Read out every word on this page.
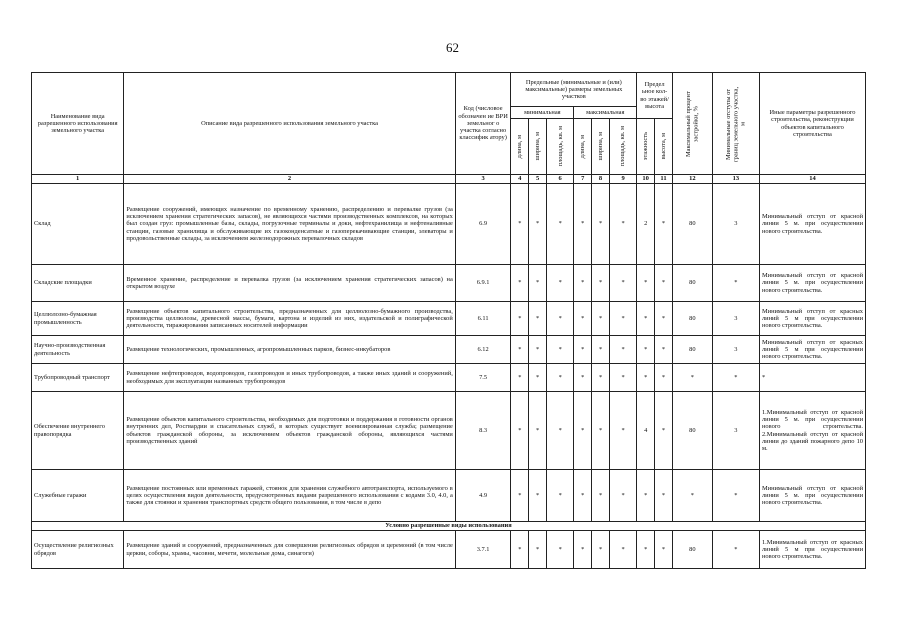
62
Наименование вида разрешенного использования земельного участка	Описание вида разрешенного использования земельного участка	Код (числовое обозначен ие ВРИ земельног о участка согласно классифик атору)	Предельные (минимальные и (или) максимальные) размеры земельных участков						Предел ьное кол-во этажей/ высота		Максимальный процент застройки, %	Минимальные отступы от границ земельного участка, м	Иные параметры разрешенного строительства, реконструкции объектов капитального строительства
			минимальная			максимальная							

			длина, м	ширина, м	площадь, кв. м	длина, м	ширина, м	площадь, кв. м	этажность	высота, м			

1	2	3	4	5	6	7	8	9	10	11	12	13	14
Склад	Размещение сооружений, имеющих назначение по временному хранению, распределению и перевалке грузов (за исключением хранения стратегических запасов), не являющихся частями производственных комплексов, на которых был создан груз: промышленные базы, склады, погрузочные терминалы и доки, нефтехранилища и нефтеналивные станции, газовые хранилища и обслуживающие их газоконденсатные и газоперекачивающие станции, элеваторы и продовольственные склады, за исключением железнодорожных перевалочных складов	6.9	*	*	*	*	*	*	2	*	80	3	Минимальный отступ от красной линии 5 м. при осуществлении нового строительства.
Складские площадки	Временное хранение, распределение и перевалка грузов (за исключением хранения стратегических запасов) на открытом воздухе	6.9.1	*	*	*	*	*	*	*	*	80	*	Минимальный отступ от красной линии 5 м. при осуществлении нового строительства.
Целлюлозно-бумажная промышленность	Размещение объектов капитального строительства, предназначенных для целлюлозно-бумажного производства, производства целлюлозы, древесной массы, бумаги, картона и изделий из них, издательской и полиграфической деятельности, тиражирования записанных носителей информации	6.11	*	*	*	*	*	*	*	*	80	3	Минимальный отступ от красных линий 5 м при осуществлении нового строительства.
Научно-производственная деятельность	Размещение технологических, промышленных, агропромышленных парков, бизнес-инкубаторов	6.12	*	*	*	*	*	*	*	*	80	3	Минимальный отступ от красных линий 5 м при осуществлении нового строительства.
Трубопроводный транспорт	Размещение нефтепроводов, водопроводов, газопроводов и иных трубопроводов, а также иных зданий и сооружений, необходимых для эксплуатации названных трубопроводов	7.5	*	*	*	*	*	*	*	*	*	*	*
Обеспечение внутреннего правопорядка	Размещение объектов капитального строительства, необходимых для подготовки и поддержания в готовности органов внутренних дел, Росгвардии и спасательных служб, в которых существует военизированная служба; размещение объектов гражданской обороны, за исключением объектов гражданской обороны, являющихся частями производственных зданий	8.3	*	*	*	*	*	*	4	*	80	3	1.Минимальный отступ от красной линии 5 м. при осуществлении нового строительства. 2.Минимальный отступ от красной линии до зданий пожарного депо 10 м.
Служебные гаражи	Размещение постоянных или временных гаражей, стоянок для хранения служебного автотранспорта, используемого в целях осуществления видов деятельности, предусмотренных видами разрешенного использования с кодами 3.0, 4.0, а также для стоянки и хранения транспортных средств общего пользования, в том числе в депо	4.9	*	*	*	*	*	*	*	*	*	*	Минимальный отступ от красной линии 5 м. при осуществлении нового строительства.
Условно разрешенные виды использования													
Осуществление религиозных обрядов	Размещение зданий и сооружений, предназначенных для совершения религиозных обрядов и церемоний (в том числе церкви, соборы, храмы, часовни, мечети, молельные дома, синагоги)	3.7.1	*	*	*	*	*	*	*	*	80	*	1.Минимальный отступ от красных линий 5 м при осуществлении нового строительства.
